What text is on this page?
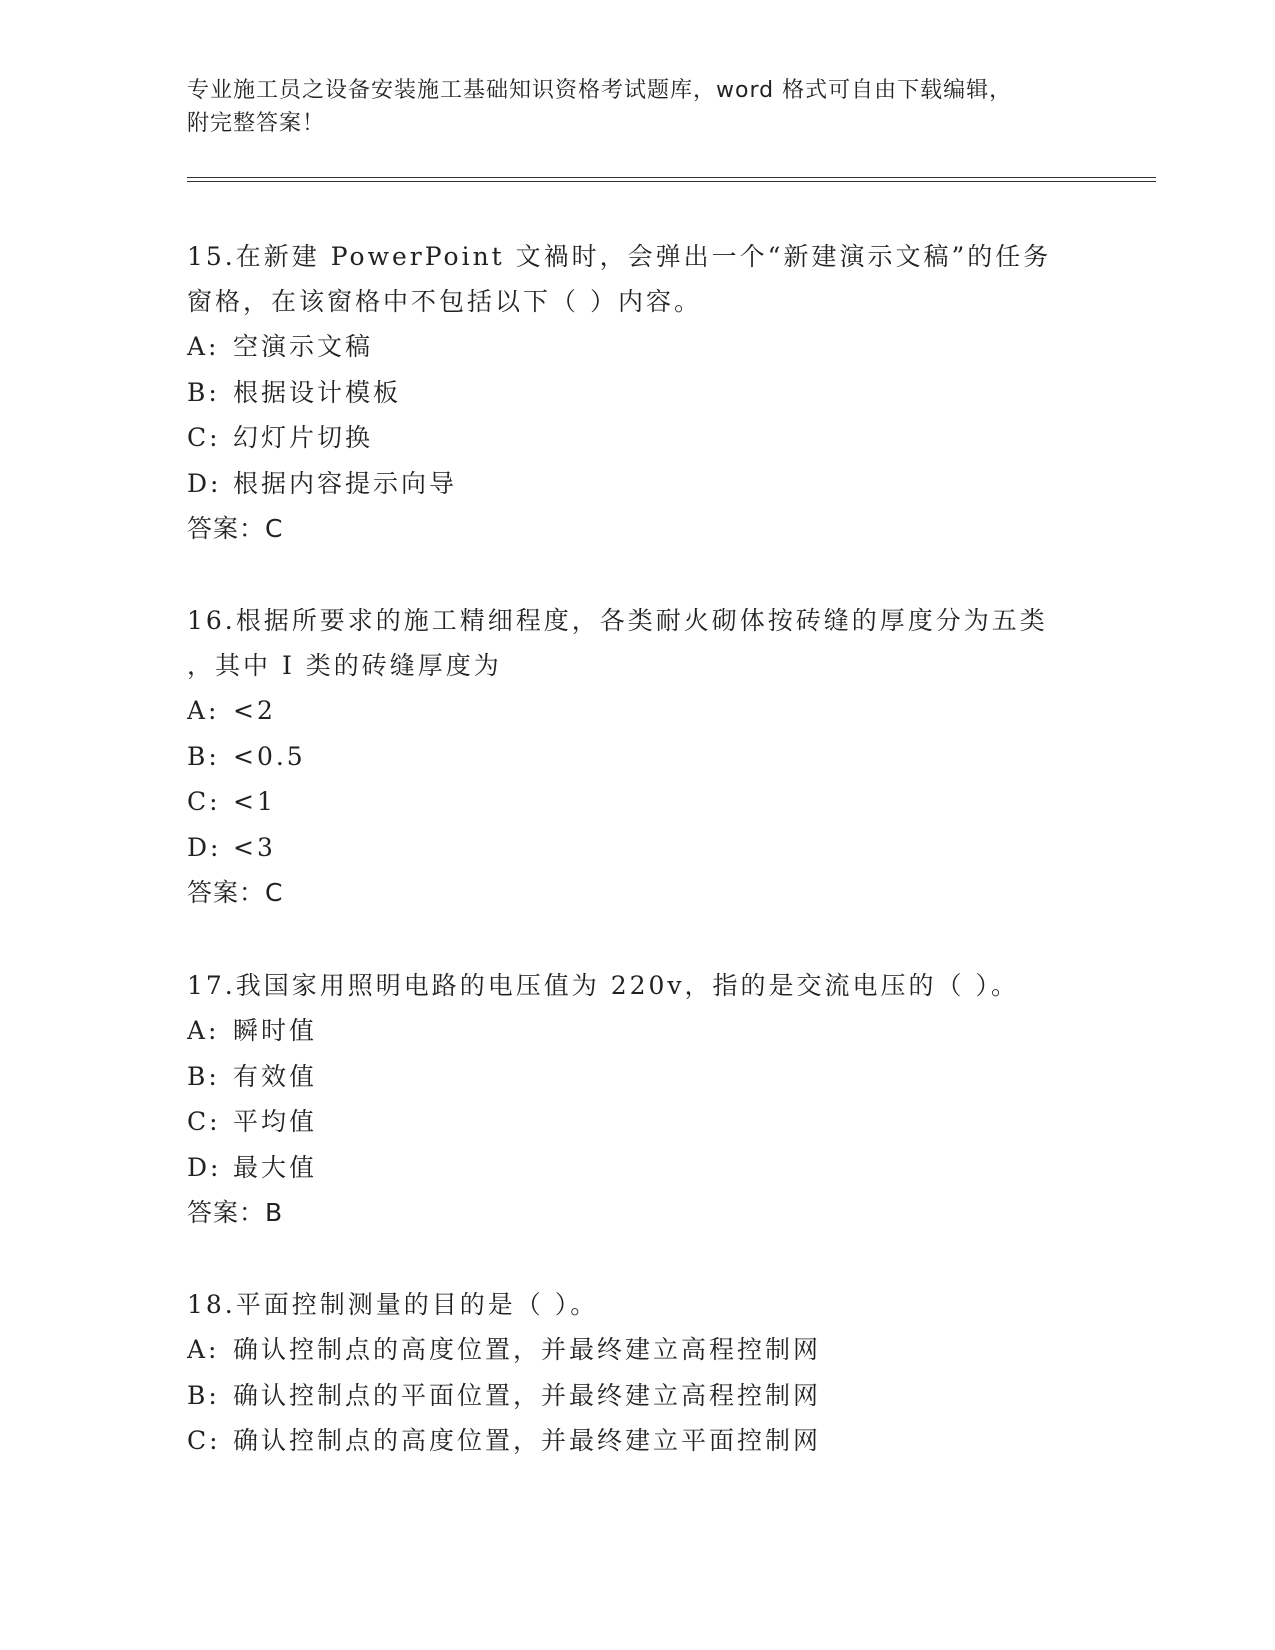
专业施工员之设备安装施工基础知识资格考试题库，word 格式可自由下载编辑，
附完整答案！
15.在新建 PowerPoint 文禍时，会弹出一个“新建演示文稿”的任务
窗格，在该窗格中不包括以下（ ）内容。
A: 空演示文稿
B: 根据设计模板
C: 幻灯片切换
D: 根据内容提示向导
答案：C
16.根据所要求的施工精细程度，各类耐火砌体按砖缝的厚度分为五类
，其中 I 类的砖缝厚度为
A: <2
B: <0.5
C: <1
D: <3
答案：C
17.我国家用照明电路的电压值为 220v，指的是交流电压的（ ）。
A: 瞬时值
B: 有效值
C: 平均值
D: 最大值
答案：B
18.平面控制测量的目的是（ ）。
A: 确认控制点的高度位置，并最终建立高程控制网
B: 确认控制点的平面位置，并最终建立高程控制网
C: 确认控制点的高度位置，并最终建立平面控制网
